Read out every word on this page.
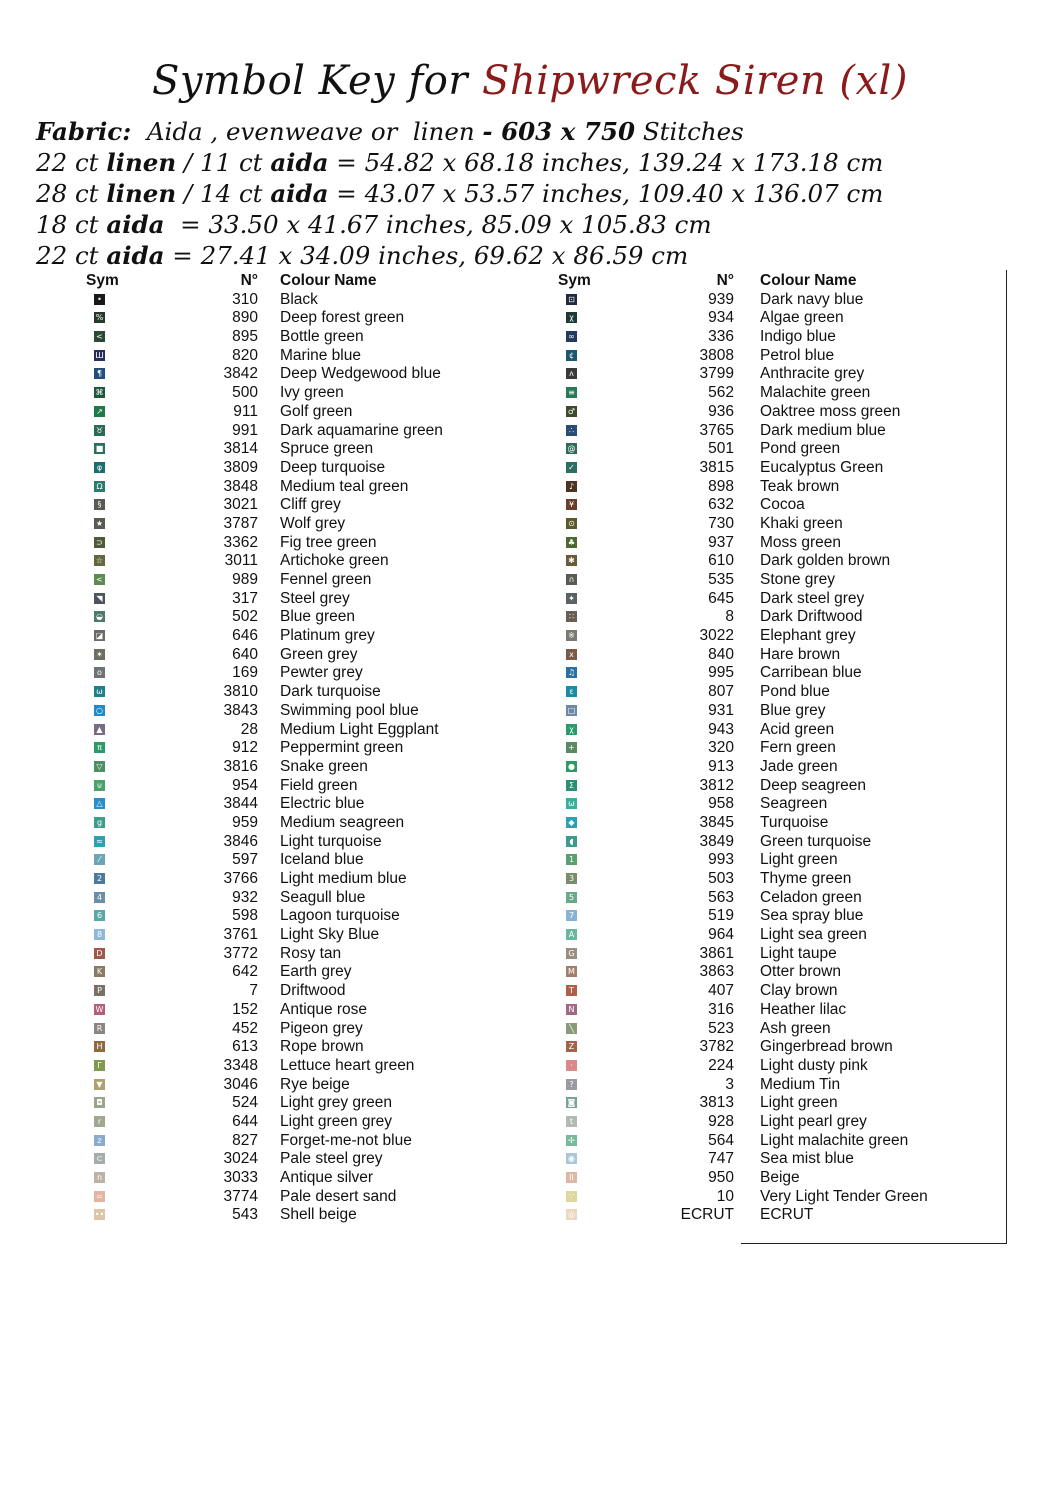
Symbol Key for Shipwreck Siren (xl)
Fabric:  Aida , evenweave or  linen - 603 x 750 Stitches
22 ct linen / 11 ct aida = 54.82 x 68.18 inches, 139.24 x 173.18 cm
28 ct linen / 14 ct aida = 43.07 x 53.57 inches, 109.40 x 136.07 cm
18 ct aida  = 33.50 x 41.67 inches, 85.09 x 105.83 cm
22 ct aida = 27.41 x 34.09 inches, 69.62 x 86.59 cm
Sym	N° Colour Name
•	310 Black
%	890 Deep forest green
<	895 Bottle green
Ш	820 Marine blue
¶	3842 Deep Wedgewood blue
⌘	500 Ivy green
↗	911 Golf green
♉	991 Dark aquamarine green
■	3814 Spruce green
φ	3809 Deep turquoise
Ω	3848 Medium teal green
§	3021 Cliff grey
★	3787 Wolf grey
⊃	3362 Fig tree green
☆	3011 Artichoke green
<	989 Fennel green
◥	317 Steel grey
◒	502 Blue green
◪	646 Platinum grey
✶	640 Green grey
o	169 Pewter grey
ω	3810 Dark turquoise
○	3843 Swimming pool blue
▲	28 Medium Light Eggplant
π	912 Peppermint green
▽	3816 Snake green
⊍	954 Field green
△	3844 Electric blue
g	959 Medium seagreen
≈	3846 Light turquoise
⁄	597 Iceland blue
2	3766 Light medium blue
4	932 Seagull blue
6	598 Lagoon turquoise
8	3761 Light Sky Blue
D	3772 Rosy tan
K	642 Earth grey
P	7 Driftwood
W	152 Antique rose
R	452 Pigeon grey
H	613 Rope brown
Γ	3348 Lettuce heart green
▼	3046 Rye beige
◘	524 Light grey green
r	644 Light green grey
z	827 Forget-me-not blue
⊂	3024 Pale steel grey
n	3033 Antique silver
=	3774 Pale desert sand
••	543 Shell beige
Sym	N° Colour Name
⊡	939 Dark navy blue
χ	934 Algae green
∞	336 Indigo blue
¢	3808 Petrol blue
ʌ	3799 Anthracite grey
≡	562 Malachite green
♂	936 Oaktree moss green
∴	3765 Dark medium blue
@	501 Pond green
✓	3815 Eucalyptus Green
♪	898 Teak brown
¥	632 Cocoa
⊙	730 Khaki green
♣	937 Moss green
✱	610 Dark golden brown
∩	535 Stone grey
✦	645 Dark steel grey
∷	8 Dark Driftwood
※	3022 Elephant grey
x	840 Hare brown
♫	995 Carribean blue
ε	807 Pond blue
□	931 Blue grey
χ	943 Acid green
+	320 Fern green
●	913 Jade green
Σ	3812 Deep seagreen
ω	958 Seagreen
◆	3845 Turquoise
◖	3849 Green turquoise
1	993 Light green
3	503 Thyme green
5	563 Celadon green
7	519 Sea spray blue
A	964 Light sea green
G	3861 Light taupe
M	3863 Otter brown
T	407 Clay brown
N	316 Heather lilac
╲	523 Ash green
Z	3782 Gingerbread brown
·	224 Light dusty pink
?	3 Medium Tin
◙	3813 Light green
t	928 Light pearl grey
✢	564 Light malachite green
◉	747 Sea mist blue
II	950 Beige
∵	10 Very Light Tender Green
◎	ECRUT ECRUT
